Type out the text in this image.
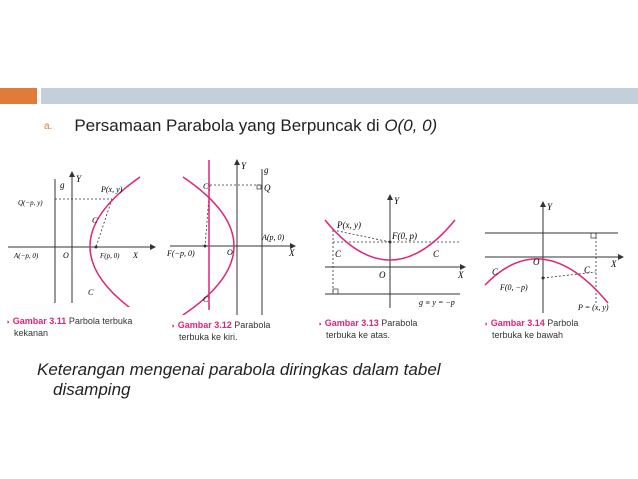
a. Persamaan Parabola yang Berpuncak di O(0, 0)
g
Y
P(x, y)
Q(−p, y)
C
O
A(−p, 0)	F(p, 0) X
C
◗ Gambar 3.11 Parbola terbuka
kekanan
Y g
C	Q
F(−p, 0)	O
A(p, 0)
X
C
◗ Gambar 3.12 Parabola
terbuka ke kiri.
Y
P(x, y)
F(0, p)
C	C
O	X
g ≡ y = −p
◗ Gambar 3.13 Parabola
terbuka ke atas.
Y
O
C	C
F(0, −p)
X
P = (x, y)
◗ Gambar 3.14 Parbola
terbuka ke bawah
Keterangan mengenai parabola diringkas dalam tabel
disamping
